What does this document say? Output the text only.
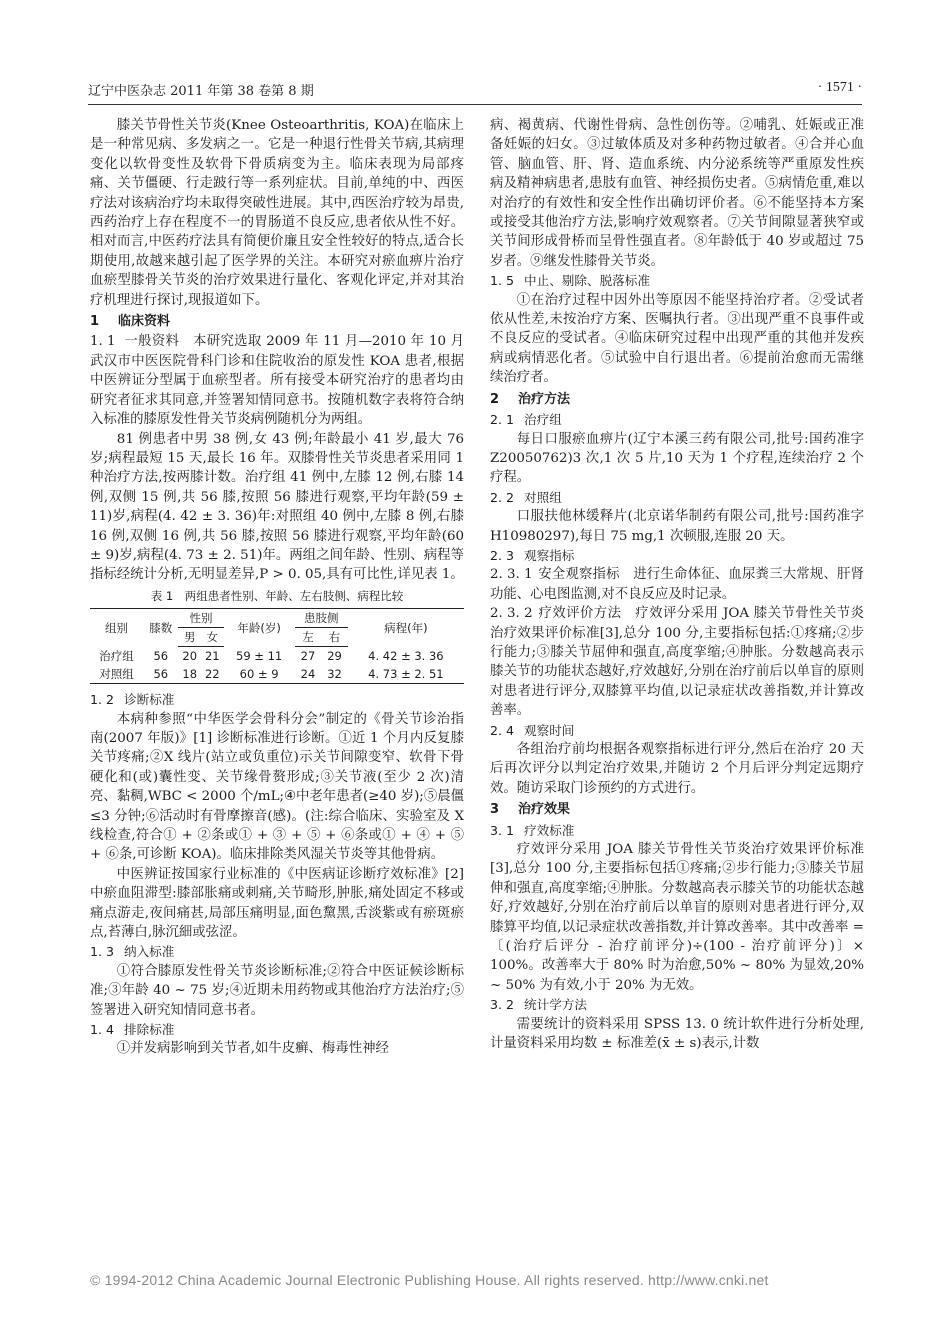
辽宁中医杂志 2011 年第 38 卷第 8 期	· 1571 ·

膝关节骨性关节炎(Knee Osteoarthritis, KOA)在临床上是一种常见病、多发病之一。它是一种退行性骨关节病,其病理变化以软骨变性及软骨下骨质病变为主。临床表现为局部疼痛、关节僵硬、行走跛行等一系列症状。目前,单纯的中、西医疗法对该病治疗均未取得突破性进展。其中,西医治疗较为昂贵,西药治疗上存在程度不一的胃肠道不良反应,患者依从性不好。相对而言,中医药疗法具有简便价廉且安全性较好的特点,适合长期使用,故越来越引起了医学界的关注。本研究对瘀血痹片治疗血瘀型膝骨关节炎的治疗效果进行量化、客观化评定,并对其治疗机理进行探讨,现报道如下。

1 临床资料

1. 1 一般资料　本研究选取 2009 年 11 月—2010 年 10 月武汉市中医医院骨科门诊和住院收治的原发性 KOA 患者,根据中医辨证分型属于血瘀型者。所有接受本研究治疗的患者均由研究者征求其同意,并签署知情同意书。按随机数字表将符合纳入标准的膝原发性骨关节炎病例随机分为两组。

81 例患者中男 38 例,女 43 例;年龄最小 41 岁,最大 76 岁;病程最短 15 天,最长 16 年。双膝骨性关节炎患者采用同 1 种治疗方法,按两膝计数。治疗组 41 例中,左膝 12 例,右膝 14 例,双侧 15 例,共 56 膝,按照 56 膝进行观察,平均年龄(59 ± 11)岁,病程(4. 42 ± 3. 36)年:对照组 40 例中,左膝 8 例,右膝 16 例,双侧 16 例,共 56 膝,按照 56 膝进行观察,平均年龄(60 ± 9)岁,病程(4. 73 ± 2. 51)年。两组之间年龄、性别、病程等指标经统计分析,无明显差异,P > 0. 05,具有可比性,详见表 1。

表 1　两组患者性别、年龄、左右肢侧、病程比较
组别	膝数	性别		年龄(岁)	患肢侧		病程(年)
		男	女		左	右	
治疗组	56	20	21	59 ± 11	27	29	4. 42 ± 3. 36
对照组	56	18	22	60 ± 9	24	32	4. 73 ± 2. 51
1. 2 诊断标准

本病种参照“中华医学会骨科分会”制定的《骨关节诊治指南(2007 年版)》[1] 诊断标准进行诊断。①近 1 个月内反复膝关节疼痛;②X 线片(站立或负重位)示关节间隙变窄、软骨下骨硬化和(或)囊性变、关节缘骨赘形成;③关节液(至少 2 次)清亮、黏稠,WBC < 2000 个/mL;④中老年患者(≥40 岁);⑤晨僵≤3 分钟;⑥活动时有骨摩擦音(感)。(注:综合临床、实验室及 X 线检查,符合① + ②条或① + ③ + ⑤ + ⑥条或① + ④ + ⑤ + ⑥条,可诊断 KOA)。临床排除类风湿关节炎等其他骨病。

中医辨证按国家行业标准的《中医病证诊断疗效标准》[2] 中瘀血阻滞型:膝部胀痛或刺痛,关节畸形,肿胀,痛处固定不移或痛点游走,夜间痛甚,局部压痛明显,面色黧黑,舌淡紫或有瘀斑瘀点,苔薄白,脉沉細或弦涩。

1. 3 纳入标准

①符合膝原发性骨关节炎诊断标准;②符合中医证候诊断标准;③年龄 40 ~ 75 岁;④近期未用药物或其他治疗方法治疗;⑤签署进入研究知情同意书者。

1. 4 排除标准

①并发病影响到关节者,如牛皮癣、梅毒性神经

病、褐黄病、代谢性骨病、急性创伤等。②哺乳、妊娠或正准备妊娠的妇女。③过敏体质及对多种药物过敏者。④合并心血管、脑血管、肝、肾、造血系统、内分泌系统等严重原发性疾病及精神病患者,患肢有血管、神经损伤史者。⑤病情危重,难以对治疗的有效性和安全性作出确切评价者。⑥不能坚持本方案或接受其他治疗方法,影响疗效观察者。⑦关节间隙显著狭窄或关节间形成骨桥而呈骨性强直者。⑧年龄低于 40 岁或超过 75 岁者。⑨继发性膝骨关节炎。

1. 5 中止、剔除、脱落标准

①在治疗过程中因外出等原因不能坚持治疗者。②受试者依从性差,未按治疗方案、医嘱执行者。③出现严重不良事件或不良反应的受试者。④临床研究过程中出现严重的其他并发疾病或病情恶化者。⑤试验中自行退出者。⑥提前治愈而无需继续治疗者。

2 治疗方法
2. 1 治疗组

每日口服瘀血痹片(辽宁本溪三药有限公司,批号:国药准字 Z20050762)3 次,1 次 5 片,10 天为 1 个疗程,连续治疗 2 个疗程。

2. 2 对照组

口服扶他林缓释片(北京诺华制药有限公司,批号:国药准字 H10980297),每日 75 mg,1 次顿服,连服 20 天。

2. 3 观察指标

2. 3. 1 安全观察指标　进行生命体征、血尿粪三大常规、肝肾功能、心电图监测,对不良反应及时记录。

2. 3. 2 疗效评价方法　疗效评分采用 JOA 膝关节骨性关节炎治疗效果评价标准[3],总分 100 分,主要指标包括:①疼痛;②步行能力;③膝关节屈伸和强直,高度挛缩;④肿胀。分数越高表示膝关节的功能状态越好,疗效越好,分别在治疗前后以单盲的原则对患者进行评分,双膝算平均值,以记录症状改善指数,并计算改善率。

2. 4 观察时间

各组治疗前均根据各观察指标进行评分,然后在治疗 20 天后再次评分以判定治疗效果,并随访 2 个月后评分判定远期疗效。随访采取门诊预约的方式进行。

3 治疗效果
3. 1 疗效标准

疗效评分采用 JOA 膝关节骨性关节炎治疗效果评价标准[3],总分 100 分,主要指标包括①疼痛;②步行能力;③膝关节屈伸和强直,高度挛缩;④肿胀。分数越高表示膝关节的功能状态越好,疗效越好,分别在治疗前后以单盲的原则对患者进行评分,双膝算平均值,以记录症状改善指数,并计算改善率。其中改善率 =〔(治疗后评分 - 治疗前评分)÷(100 - 治疗前评分)〕× 100%。改善率大于 80% 时为治愈,50% ~ 80% 为显效,20% ~ 50% 为有效,小于 20% 为无效。

3. 2 统计学方法

需要统计的资料采用 SPSS 13. 0 统计软件进行分析处理,计量资料采用均数 ± 标准差(x̄ ± s)表示,计数

© 1994-2012 China Academic Journal Electronic Publishing House. All rights reserved. http://www.cnki.net
